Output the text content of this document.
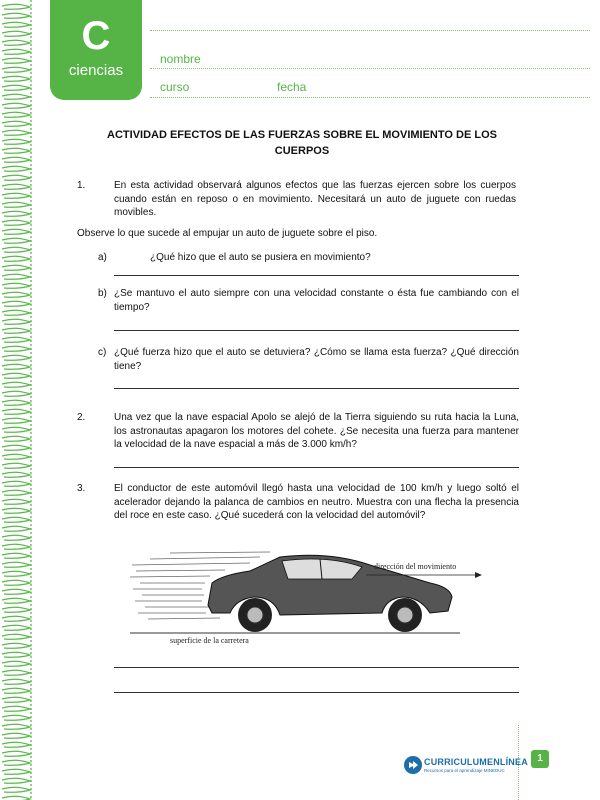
C
ciencias
7º básico
nombre
curso	fecha
ACTIVIDAD EFECTOS DE LAS FUERZAS SOBRE EL MOVIMIENTO DE LOS CUERPOS
1.	En esta actividad observará algunos efectos que las fuerzas ejercen sobre los cuerpos cuando están en reposo o en movimiento. Necesitará un auto de juguete con ruedas movibles.
Observe lo que sucede al empujar un auto de juguete sobre el piso.
a)	¿Qué hizo que el auto se pusiera en movimiento?
b) ¿Se mantuvo el auto siempre con una velocidad constante o ésta fue cambiando con el tiempo?
c) ¿Qué fuerza hizo que el auto se detuviera? ¿Cómo se llama esta fuerza? ¿Qué dirección tiene?
2.	Una vez que la nave espacial Apolo se alejó de la Tierra siguiendo su ruta hacia la Luna, los astronautas apagaron los motores del cohete. ¿Se necesita una fuerza para mantener la velocidad de la nave espacial a más de 3.000 km/h?
3.	El conductor de este automóvil llegó hasta una velocidad de 100 km/h y luego soltó el acelerador dejando la palanca de cambios en neutro. Muestra con una flecha la presencia del roce en este caso. ¿Qué sucederá con la velocidad del automóvil?
dirección del movimiento
superficie de la carretera
CURRICULUMENLÍNEA
Recursos para el aprendizaje MINEDUC
1
